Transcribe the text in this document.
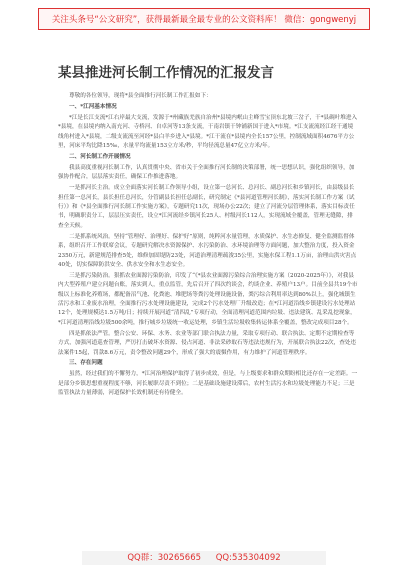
关注头条号“公文研究”，获得最新最全最专业的公文资料库！ 微信：gongwenyj
某县推进河长制工作情况的汇报发言

尊敬的各位领导，现将*县全面推行河长制工作汇报如下：

一、*江河基本情况

*江是长江支流*江右岸最大支流，发源于*州藏族羌族自治州*县境内岷山主峰雪宝顶东北坡三岔子，干*县碉叶堆进入*县境，在县境内纳入南充河、寺桥河、自卓河等13条支流，干南岩镇干钟铺新国于进入*市境。*江支流流经江经干通境线角村进入*县境，二级支流流至河经*县白羊乡进入*县境。*江干流在*县境内全长157公里，控制流域面积4676平方公里，河床平均比降15‰，水量平均流量153立方米/秒，平均径流总量47亿立方米/年。

二、河长制工作开展情况

我县高度重视河长制工作，认真贯彻中央、省市关于全面推行河长制的决策部署，统一思想认识，强化组织领导，加强协作配合，层层落实责任，确保工作推进落地。

一是抓河长主治。成立全面落实河长制工作领导小组，设立第一总河长、总河长、副总河长和乡镇河长，由县级县长担任第一总河长，县长担任总河长，分管副县长担任总副长，研究制定《*县河道管理河长制》，落实河长制工作方案（试行）》和《*县全面推行河长制工作实施方案》，专题研究11次，现场办公22次；建立了河流分层管理体系，落实目标责任书，明确职责分工，层层压实责任，设立*江河流经乡镇河长25人、村级河长112人，实现流域全覆盖，管理无缝隙，排查全天候。

二是抓系统风治。坚持“管理好、治理好、保护好”原则，纯粹河水量管理，水质保护、水生态修复、健全监测监督体系，组织召开工作联席会议，专题研究解决水资源保护、水污染防治、水环境治理等方面问题，加大整治力度，投入资金2350万元，新建规范排查5处，维修加固堤防23处，河道治理清理疏浚35公里，实施水保工程1.1万亩，治理山洪灾害点40处，切实保障防洪安全、供水安全和水生态安全。

三是抓污染防治。狠抓农业面源污染防治，印发了“《*县农业面源污染综合治理实施方案（2020-2025年）》，对我县内大型养殖户建立问题台账，落实到人，重点监管，先后召开了四次约谈会，约谈企业、养殖户13户。目前全县共19个市级以上标准化养殖场，都配备沼气池、化粪池、堆肥场等粪污处理设施设备，粪污综合利用率达到80%以上，强化城镇生活污水和工业废水治理，全面推行污水处理设施建设，完成2个污水处理厂升级改造；在*江河道沿线乡镇建设污水处理站12个，处理规模达1.5万吨/日；持续开展河道“清四乱”专项行动，全面清理河道范围内垃圾、违法建筑、乱采乱挖现象，*江河道清理沿线垃圾500余吨，推行城乡垃圾统一收运处理，乡镇生活垃圾收集转运体系全覆盖，整改完成项目28个。

四是抓依法严管。整合公安、环保、水务、农业等部门联合执法力量，采取专项行动、联合执法、定期不定期检查等方式，加强河道巡查管理，严厉打击破坏水资源、侵占河道、非法采砂取石等违法违规行为，开展联合执法22次，查处违法案件15起，罚款8.6万元，责令整改问题29个，形成了强大的震慑作用，有力维护了河道管理秩序。

三、存在问题

虽然，经过我们的不懈努力，*江河治理保护取得了初步成效，但是，与上级要求和群众期盼相比还存在一定差距。一是部分乡镇思想重视程度不够，河长履职尽责不到位；二是基础设施建设滞后，农村生活污水和垃圾处理能力不足；三是监管执法力量薄弱，河道保护长效机制还有待健全。

QQ群：30265665 QQ:535304092
